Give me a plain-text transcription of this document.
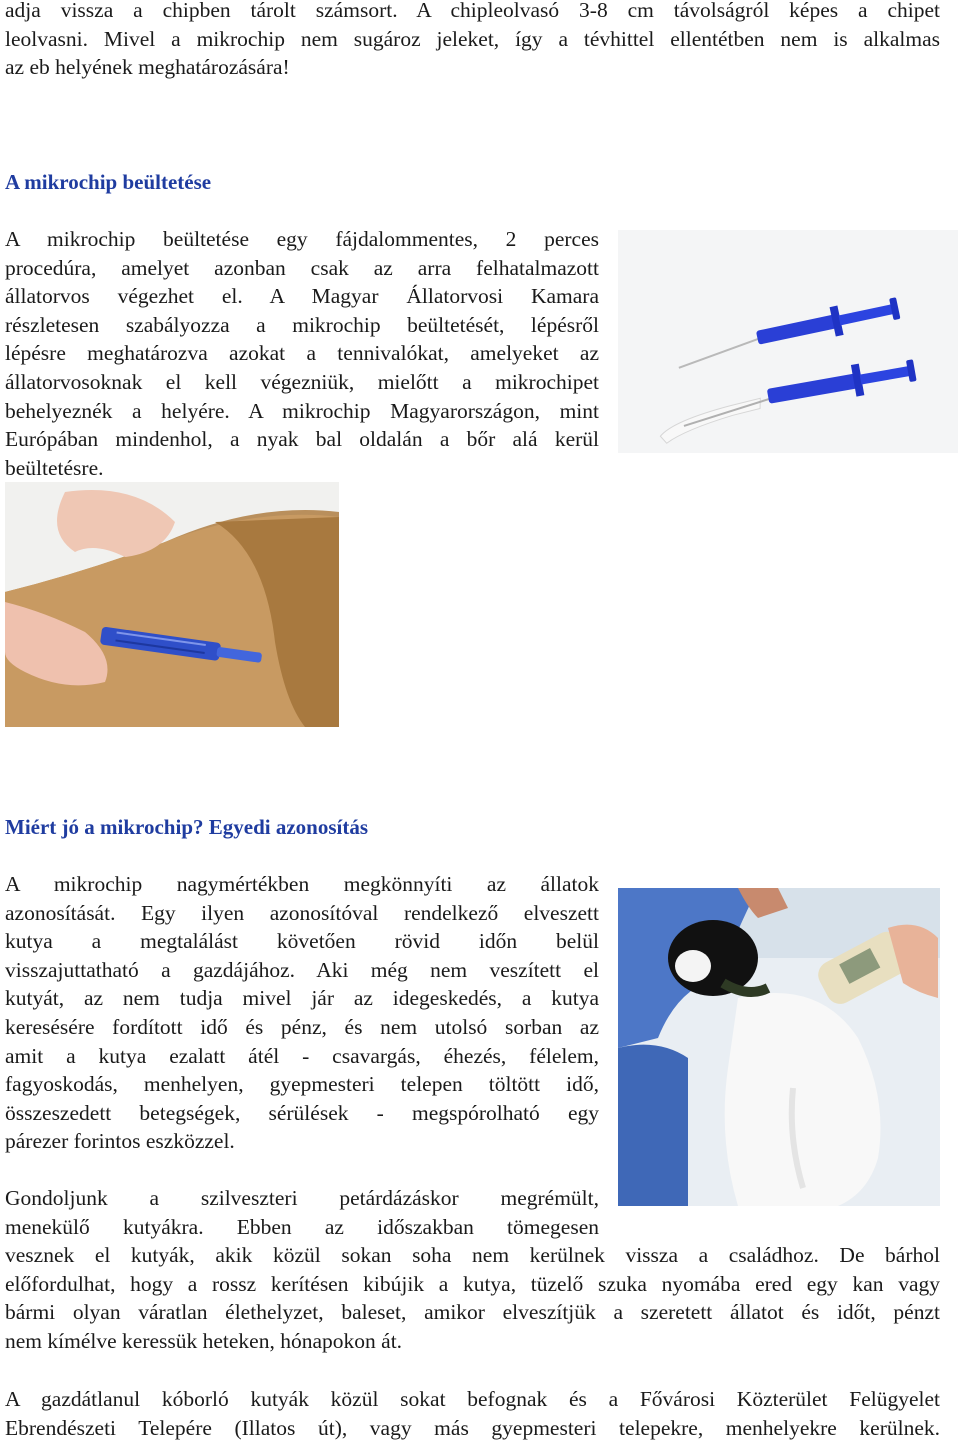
adja vissza a chipben tárolt számsort. A chipleolvasó 3-8 cm távolságról képes a chipet

leolvasni. Mivel a mikrochip nem sugároz jeleket, így a tévhittel ellentétben nem is alkalmas

az eb helyének meghatározására!

A mikrochip beültetése

A mikrochip beültetése egy fájdalommentes, 2 perces

procedúra, amelyet azonban csak az arra felhatalmazott

állatorvos végezhet el. A Magyar Állatorvosi Kamara

részletesen szabályozza a mikrochip beültetését, lépésről

lépésre meghatározva azokat a tennivalókat, amelyeket az

állatorvosoknak el kell végezniük, mielőtt a mikrochipet

behelyeznék a helyére. A mikrochip Magyarországon, mint

Európában mindenhol, a nyak bal oldalán a bőr alá kerül

beültetésre.

Miért jó a mikrochip? Egyedi azonosítás

A mikrochip nagymértékben megkönnyíti az állatok

azonosítását. Egy ilyen azonosítóval rendelkező elveszett

kutya a megtalálást követően rövid időn belül

visszajuttatható a gazdájához. Aki még nem veszített el

kutyát, az nem tudja mivel jár az idegeskedés, a kutya

keresésére fordított idő és pénz, és nem utolsó sorban az

amit a kutya ezalatt átél - csavargás, éhezés, félelem,

fagyoskodás, menhelyen, gyepmesteri telepen töltött idő,

összeszedett betegségek, sérülések - megspórolható egy

párezer forintos eszközzel.

Gondoljunk a szilveszteri petárdázáskor megrémült,

menekülő kutyákra. Ebben az időszakban tömegesen

vesznek el kutyák, akik közül sokan soha nem kerülnek vissza a családhoz. De bárhol

előfordulhat, hogy a rossz kerítésen kibújik a kutya, tüzelő szuka nyomába ered egy kan vagy

bármi olyan váratlan élethelyzet, baleset, amikor elveszítjük a szeretett állatot és időt, pénzt

nem kímélve keressük heteken, hónapokon át.

A gazdátlanul kóborló kutyák közül sokat befognak és a Fővárosi Közterület Felügyelet

Ebrendészeti Telepére (Illatos út), vagy más gyepmesteri telepekre, menhelyekre kerülnek.
